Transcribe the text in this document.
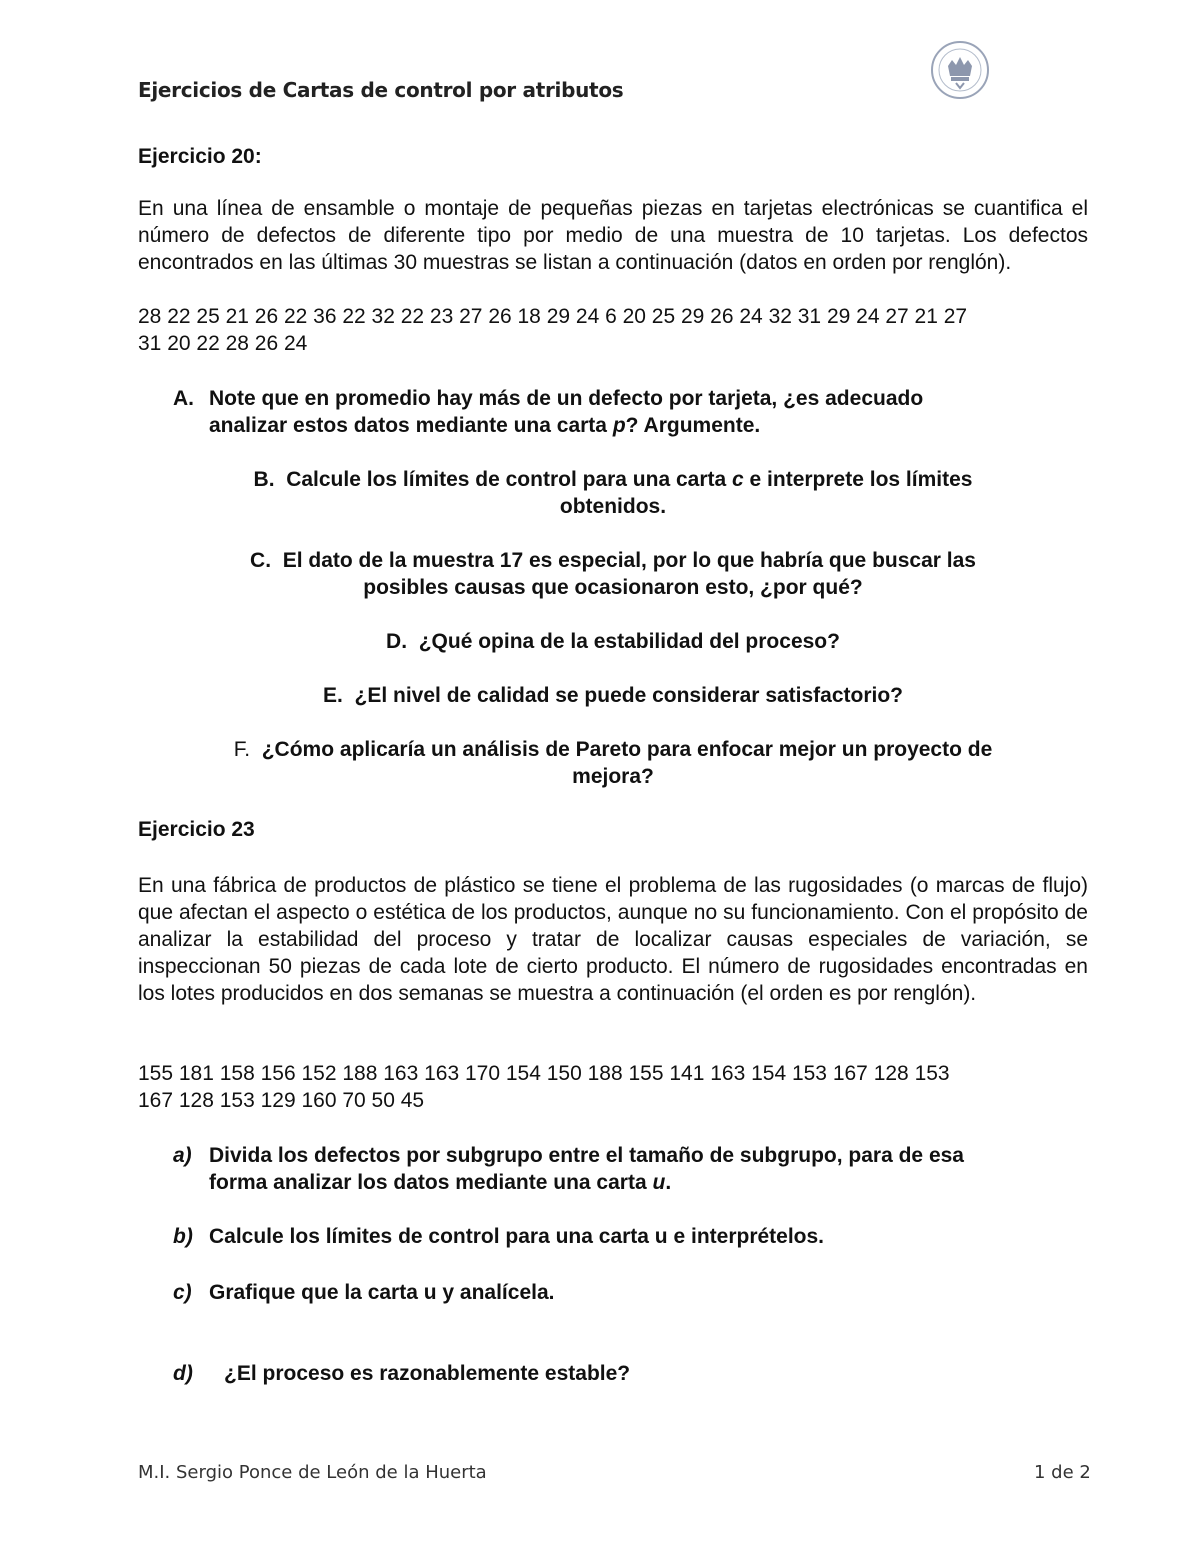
Ejercicios de Cartas de control por atributos
Ejercicio 20:
En una línea de ensamble o montaje de pequeñas piezas en tarjetas electrónicas se cuantifica el número de defectos de diferente tipo por medio de una muestra de 10 tarjetas. Los defectos encontrados en las últimas 30 muestras se listan a continuación (datos en orden por renglón).
28 22 25 21 26 22 36 22 32 22 23 27 26 18 29 24 6 20 25 29 26 24 32 31 29 24 27 21 27
31 20 22 28 26 24
A. Note que en promedio hay más de un defecto por tarjeta, ¿es adecuado
analizar estos datos mediante una carta p? Argumente.
B. Calcule los límites de control para una carta c e interprete los límites
obtenidos.
C. El dato de la muestra 17 es especial, por lo que habría que buscar las
posibles causas que ocasionaron esto, ¿por qué?
D. ¿Qué opina de la estabilidad del proceso?
E. ¿El nivel de calidad se puede considerar satisfactorio?
F. ¿Cómo aplicaría un análisis de Pareto para enfocar mejor un proyecto de
mejora?
Ejercicio 23
En una fábrica de productos de plástico se tiene el problema de las rugosidades (o marcas de flujo) que afectan el aspecto o estética de los productos, aunque no su funcionamiento. Con el propósito de analizar la estabilidad del proceso y tratar de localizar causas especiales de variación, se inspeccionan 50 piezas de cada lote de cierto producto. El número de rugosidades encontradas en los lotes producidos en dos semanas se muestra a continuación (el orden es por renglón).
155 181 158 156 152 188 163 163 170 154 150 188 155 141 163 154 153 167 128 153
167 128 153 129 160 70 50 45
a) Divida los defectos por subgrupo entre el tamaño de subgrupo, para de esa
forma analizar los datos mediante una carta u.
b) Calcule los límites de control para una carta u e interprételos.
c) Grafique que la carta u y analícela.
d) ¿El proceso es razonablemente estable?
M.I. Sergio Ponce de León de la Huerta	1 de 2
